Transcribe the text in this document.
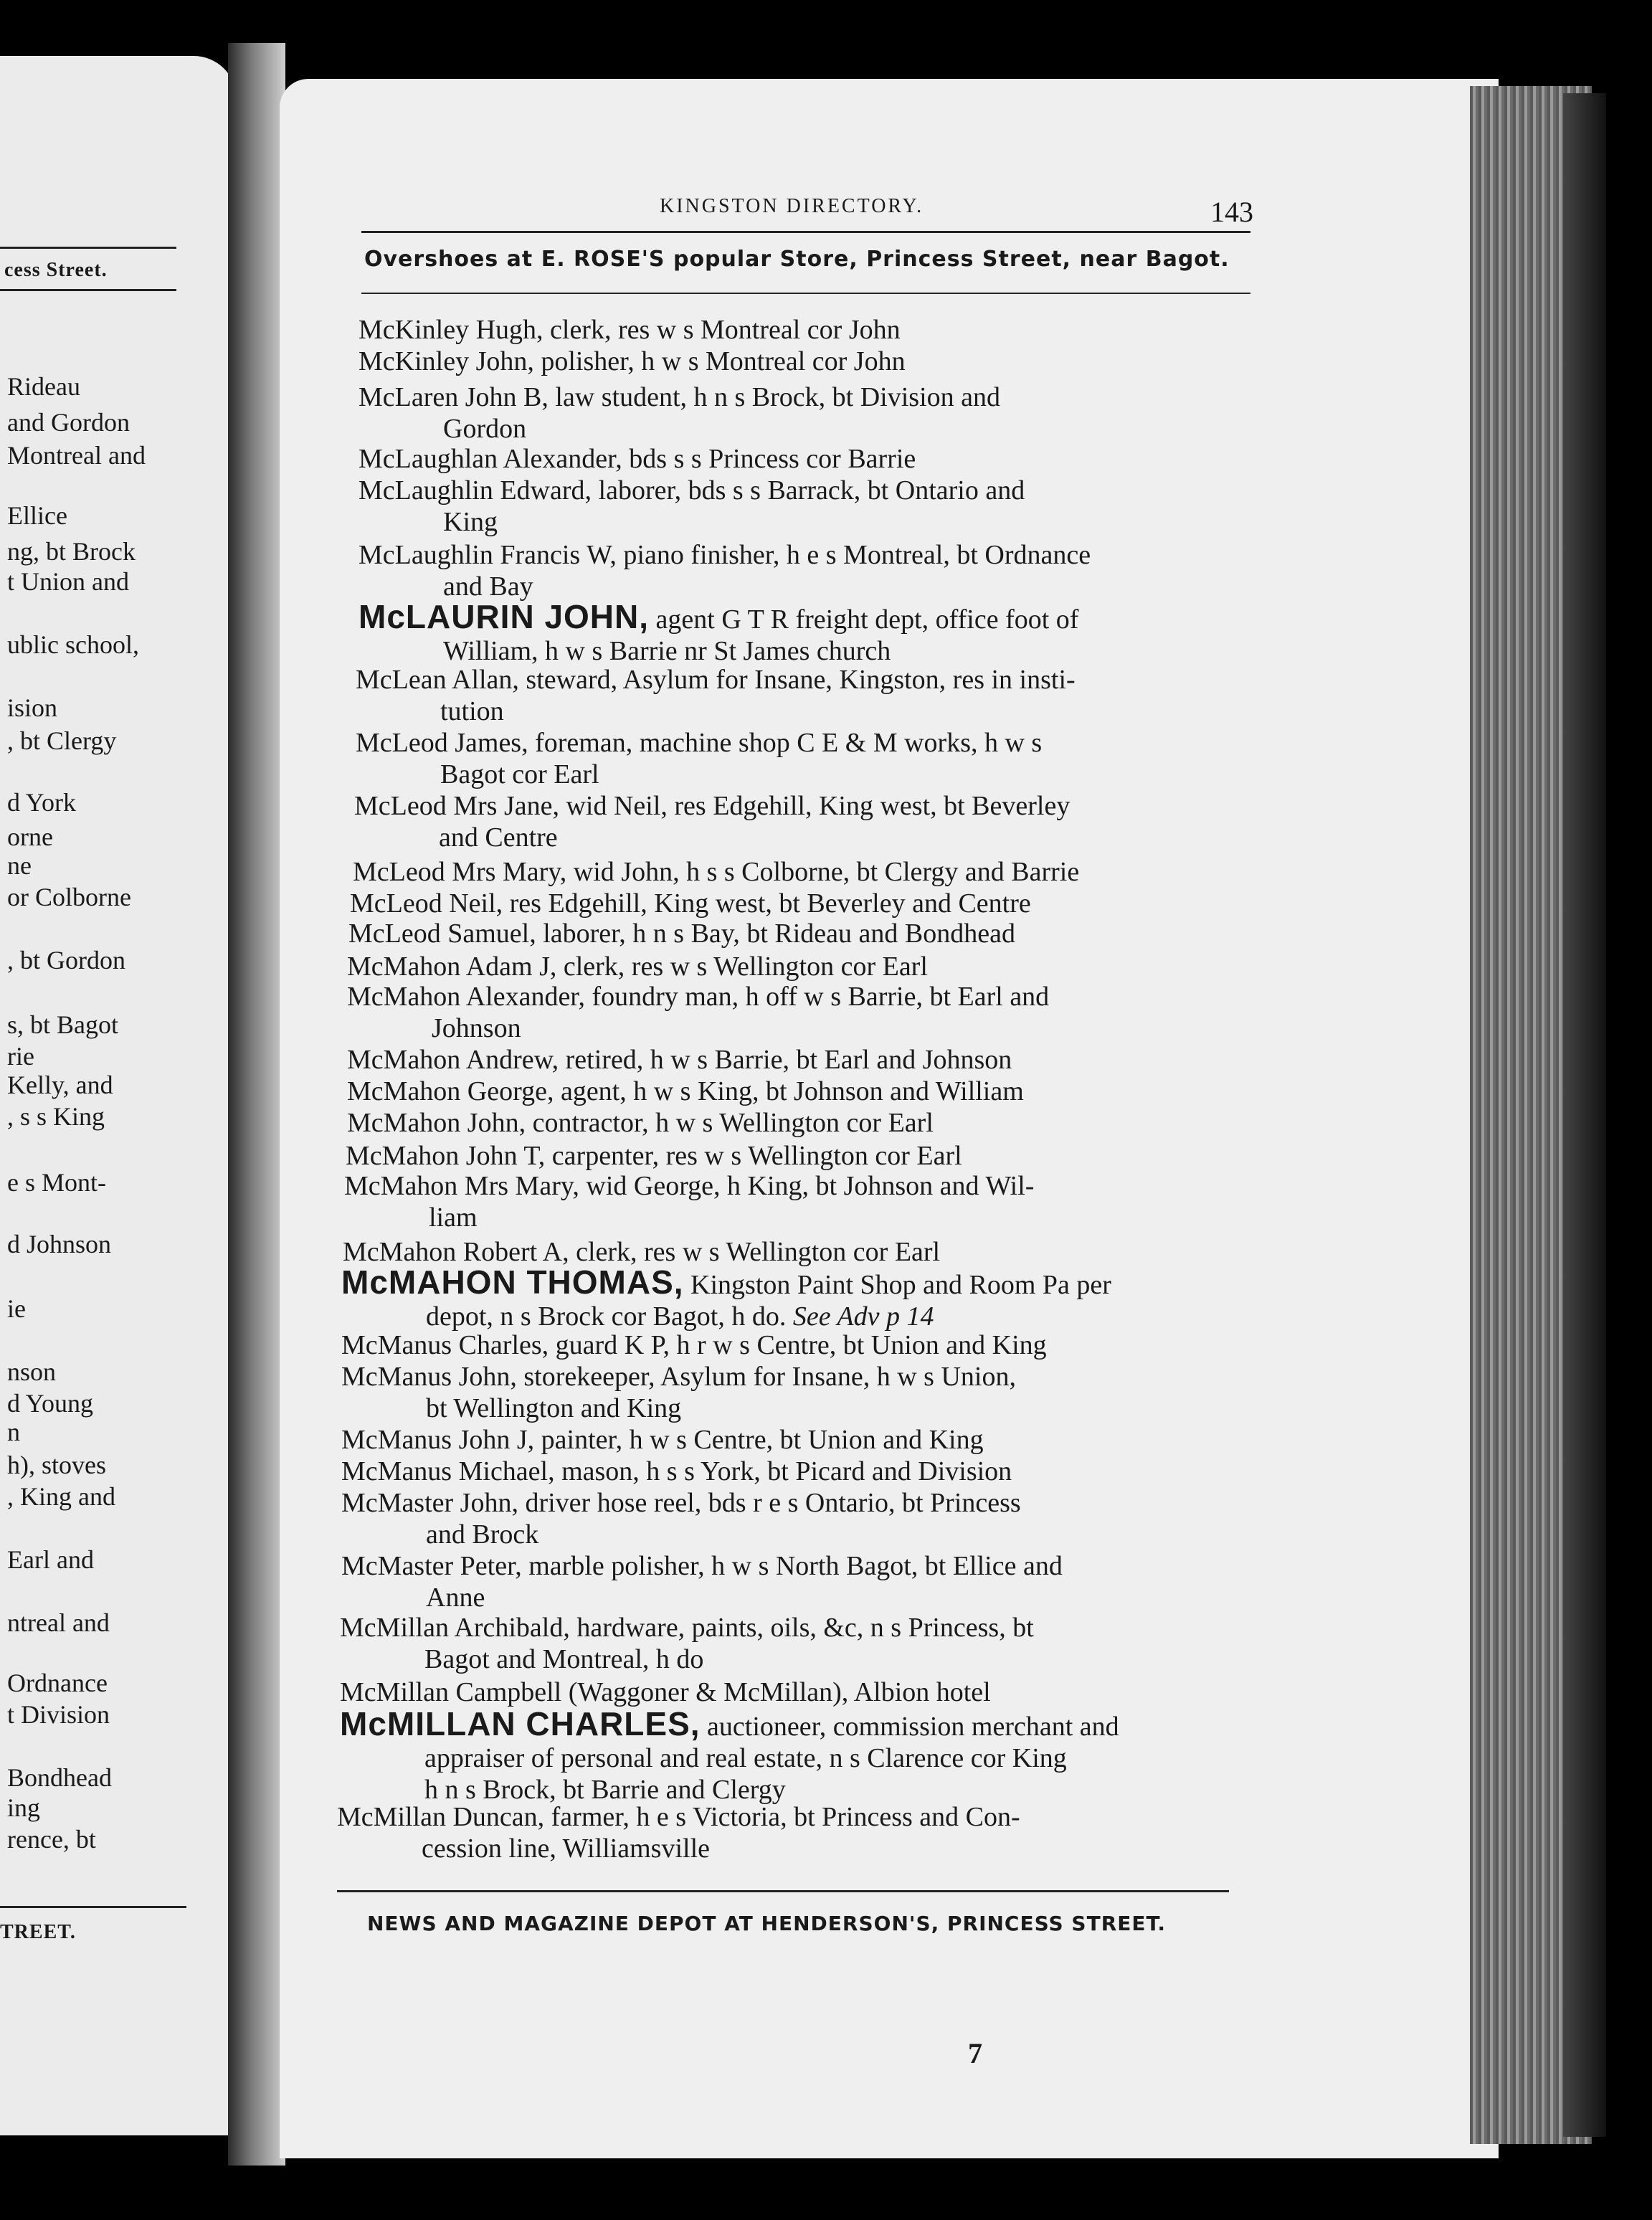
cess Street.
Rideau
and Gordon
Montreal and
Ellice
ng, bt Brock
t Union and
ublic school,
ision
, bt Clergy
d York
orne
ne
or Colborne
, bt Gordon
s, bt Bagot
rie
Kelly, and
, s s King
e s Mont-
d Johnson
ie
nson
d Young
n
h), stoves
, King and
Earl and
ntreal and
Ordnance
t Division
Bondhead
ing
rence, bt
TREET.
KINGSTON DIRECTORY.	143
Overshoes at E. ROSE'S popular Store, Princess Street, near Bagot.
McKinley Hugh, clerk, res w s Montreal cor John
McKinley John, polisher, h w s Montreal cor John
McLaren John B, law student, h n s Brock, bt Division and
Gordon
McLaughlan Alexander, bds s s Princess cor Barrie
McLaughlin Edward, laborer, bds s s Barrack, bt Ontario and
King
McLaughlin Francis W, piano finisher, h e s Montreal, bt Ordnance
and Bay
McLAURIN JOHN, agent G T R freight dept, office foot of
William, h w s Barrie nr St James church
McLean Allan, steward, Asylum for Insane, Kingston, res in insti-
tution
McLeod James, foreman, machine shop C E & M works, h w s
Bagot cor Earl
McLeod Mrs Jane, wid Neil, res Edgehill, King west, bt Beverley
and Centre
McLeod Mrs Mary, wid John, h s s Colborne, bt Clergy and Barrie
McLeod Neil, res Edgehill, King west, bt Beverley and Centre
McLeod Samuel, laborer, h n s Bay, bt Rideau and Bondhead
McMahon Adam J, clerk, res w s Wellington cor Earl
McMahon Alexander, foundry man, h off w s Barrie, bt Earl and
Johnson
McMahon Andrew, retired, h w s Barrie, bt Earl and Johnson
McMahon George, agent, h w s King, bt Johnson and William
McMahon John, contractor, h w s Wellington cor Earl
McMahon John T, carpenter, res w s Wellington cor Earl
McMahon Mrs Mary, wid George, h King, bt Johnson and Wil-
liam
McMahon Robert A, clerk, res w s Wellington cor Earl
McMAHON THOMAS, Kingston Paint Shop and Room Pa per
depot, n s Brock cor Bagot, h do. See Adv p 14
McManus Charles, guard K P, h r w s Centre, bt Union and King
McManus John, storekeeper, Asylum for Insane, h w s Union,
bt Wellington and King
McManus John J, painter, h w s Centre, bt Union and King
McManus Michael, mason, h s s York, bt Picard and Division
McMaster John, driver hose reel, bds r e s Ontario, bt Princess
and Brock
McMaster Peter, marble polisher, h w s North Bagot, bt Ellice and
Anne
McMillan Archibald, hardware, paints, oils, &c, n s Princess, bt
Bagot and Montreal, h do
McMillan Campbell (Waggoner & McMillan), Albion hotel
McMILLAN CHARLES, auctioneer, commission merchant and
appraiser of personal and real estate, n s Clarence cor King
h n s Brock, bt Barrie and Clergy
McMillan Duncan, farmer, h e s Victoria, bt Princess and Con-
cession line, Williamsville
NEWS AND MAGAZINE DEPOT AT HENDERSON'S, PRINCESS STREET.
7
